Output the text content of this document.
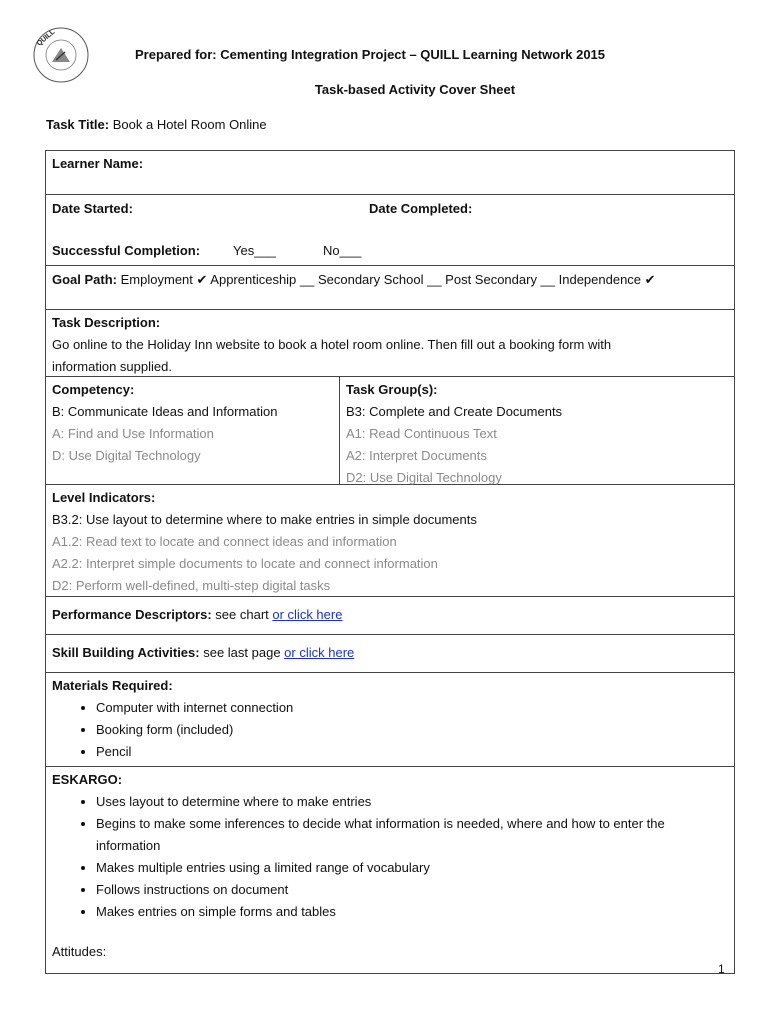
QUILL
Prepared for: Cementing Integration Project – QUILL Learning Network 2015
Task-based Activity Cover Sheet
Task Title: Book a Hotel Room Online
Learner Name:
Date Started:	Date Completed:
Successful Completion:	Yes___	No___
Goal Path: Employment ✔ Apprenticeship __ Secondary School __ Post Secondary __ Independence ✔
Task Description:
Go online to the Holiday Inn website to book a hotel room online. Then fill out a booking form with
information supplied.
Competency:
B: Communicate Ideas and Information
A: Find and Use Information
D: Use Digital Technology
Task Group(s):
B3: Complete and Create Documents
A1: Read Continuous Text
A2: Interpret Documents
D2: Use Digital Technology
Level Indicators:
B3.2: Use layout to determine where to make entries in simple documents
A1.2: Read text to locate and connect ideas and information
A2.2: Interpret simple documents to locate and connect information
D2: Perform well-defined, multi-step digital tasks
Performance Descriptors: see chart or click here
Skill Building Activities: see last page or click here
Materials Required:
• Computer with internet connection
• Booking form (included)
• Pencil
ESKARGO:
• Uses layout to determine where to make entries
• Begins to make some inferences to decide what information is needed, where and how to enter the information
• Makes multiple entries using a limited range of vocabulary
• Follows instructions on document
• Makes entries on simple forms and tables
Attitudes:
1
